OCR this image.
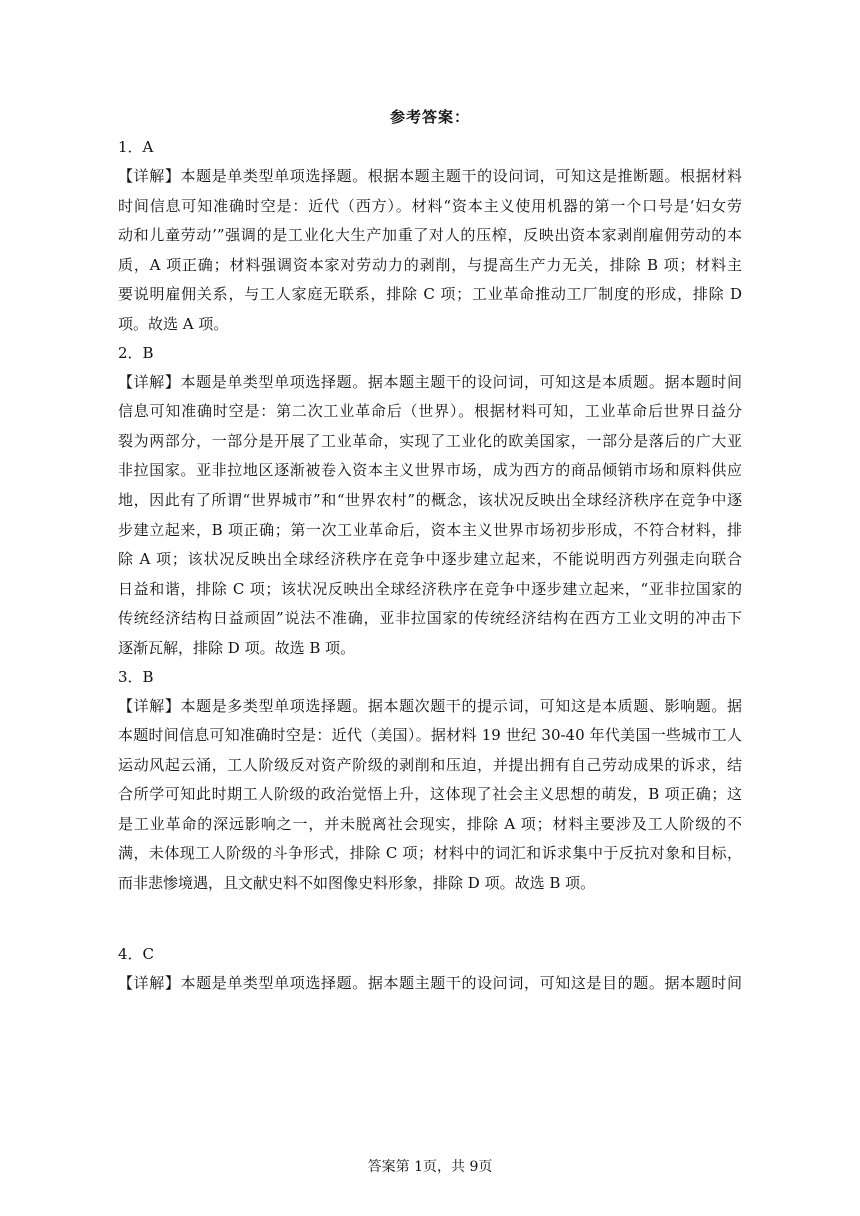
参考答案：
1．A
【详解】本题是单类型单项选择题。根据本题主题干的设问词，可知这是推断题。根据材料
时间信息可知准确时空是：近代（西方）。材料“资本主义使用机器的第一个口号是‘妇女劳
动和儿童劳动’”强调的是工业化大生产加重了对人的压榨，反映出资本家剥削雇佣劳动的本
质，A 项正确；材料强调资本家对劳动力的剥削，与提高生产力无关，排除 B 项；材料主
要说明雇佣关系，与工人家庭无联系，排除 C 项；工业革命推动工厂制度的形成，排除 D
项。故选 A 项。
2．B
【详解】本题是单类型单项选择题。据本题主题干的设问词，可知这是本质题。据本题时间
信息可知准确时空是：第二次工业革命后（世界）。根据材料可知，工业革命后世界日益分
裂为两部分，一部分是开展了工业革命，实现了工业化的欧美国家，一部分是落后的广大亚
非拉国家。亚非拉地区逐渐被卷入资本主义世界市场，成为西方的商品倾销市场和原料供应
地，因此有了所谓“世界城市”和“世界农村”的概念，该状况反映出全球经济秩序在竞争中逐
步建立起来，B 项正确；第一次工业革命后，资本主义世界市场初步形成，不符合材料，排
除 A 项；该状况反映出全球经济秩序在竞争中逐步建立起来，不能说明西方列强走向联合
日益和谐，排除 C 项；该状况反映出全球经济秩序在竞争中逐步建立起来，“亚非拉国家的
传统经济结构日益顽固”说法不准确，亚非拉国家的传统经济结构在西方工业文明的冲击下
逐渐瓦解，排除 D 项。故选 B 项。
3．B
【详解】本题是多类型单项选择题。据本题次题干的提示词，可知这是本质题、影响题。据
本题时间信息可知准确时空是：近代（美国）。据材料 19 世纪 30-40 年代美国一些城市工人
运动风起云涌，工人阶级反对资产阶级的剥削和压迫，并提出拥有自己劳动成果的诉求，结
合所学可知此时期工人阶级的政治觉悟上升，这体现了社会主义思想的萌发，B 项正确；这
是工业革命的深远影响之一，并未脱离社会现实，排除 A 项；材料主要涉及工人阶级的不
满，未体现工人阶级的斗争形式，排除 C 项；材料中的词汇和诉求集中于反抗对象和目标，
而非悲惨境遇，且文献史料不如图像史料形象，排除 D 项。故选 B 项。
4．C
【详解】本题是单类型单项选择题。据本题主题干的设问词，可知这是目的题。据本题时间
答案第 1页，共 9页
